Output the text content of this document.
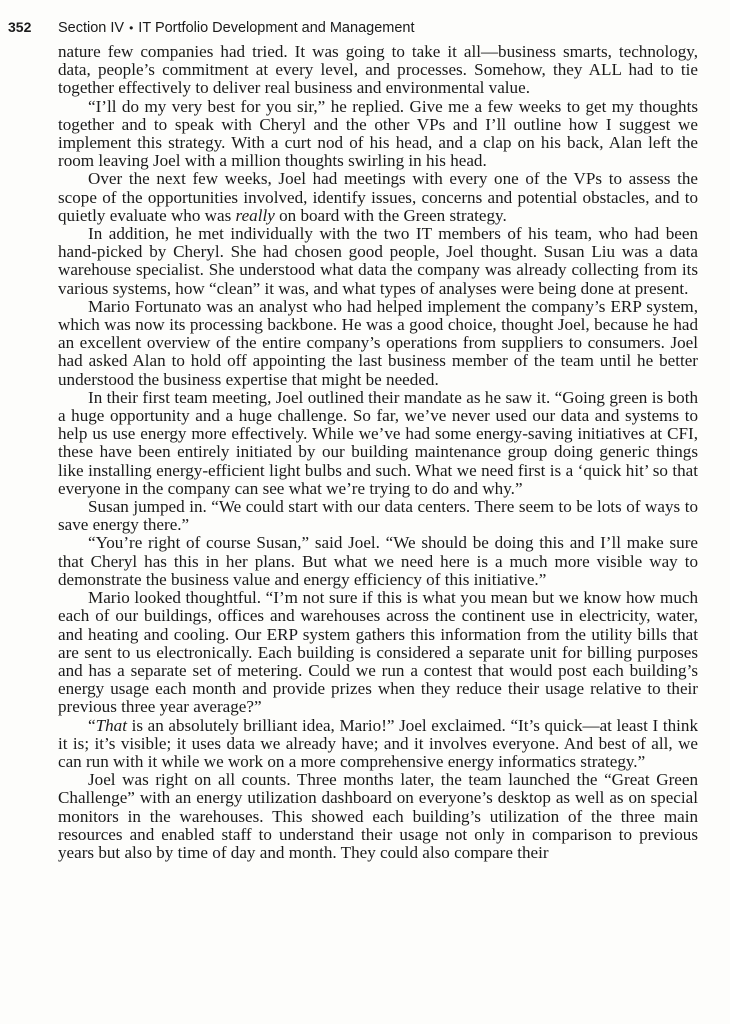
352 Section IV • IT Portfolio Development and Management

nature few companies had tried. It was going to take it all—business smarts, technology, data, people’s commitment at every level, and processes. Somehow, they ALL had to tie together effectively to deliver real business and environmental value.

“I’ll do my very best for you sir,” he replied. Give me a few weeks to get my thoughts together and to speak with Cheryl and the other VPs and I’ll outline how I suggest we implement this strategy. With a curt nod of his head, and a clap on his back, Alan left the room leaving Joel with a million thoughts swirling in his head.

Over the next few weeks, Joel had meetings with every one of the VPs to assess the scope of the opportunities involved, identify issues, concerns and potential obstacles, and to quietly evaluate who was really on board with the Green strategy.

In addition, he met individually with the two IT members of his team, who had been hand-picked by Cheryl. She had chosen good people, Joel thought. Susan Liu was a data warehouse specialist. She understood what data the company was already collecting from its various systems, how “clean” it was, and what types of analyses were being done at present.

Mario Fortunato was an analyst who had helped implement the company’s ERP system, which was now its processing backbone. He was a good choice, thought Joel, because he had an excellent overview of the entire company’s operations from suppliers to consumers. Joel had asked Alan to hold off appointing the last business member of the team until he better understood the business expertise that might be needed.

In their first team meeting, Joel outlined their mandate as he saw it. “Going green is both a huge opportunity and a huge challenge. So far, we’ve never used our data and systems to help us use energy more effectively. While we’ve had some energy-saving initiatives at CFI, these have been entirely initiated by our building maintenance group doing generic things like installing energy-efficient light bulbs and such. What we need first is a ‘quick hit’ so that everyone in the company can see what we’re trying to do and why.”

Susan jumped in. “We could start with our data centers. There seem to be lots of ways to save energy there.”

“You’re right of course Susan,” said Joel. “We should be doing this and I’ll make sure that Cheryl has this in her plans. But what we need here is a much more visible way to demonstrate the business value and energy efficiency of this initiative.”

Mario looked thoughtful. “I’m not sure if this is what you mean but we know how much each of our buildings, offices and warehouses across the continent use in electricity, water, and heating and cooling. Our ERP system gathers this information from the utility bills that are sent to us electronically. Each building is considered a separate unit for billing purposes and has a separate set of metering. Could we run a contest that would post each building’s energy usage each month and provide prizes when they reduce their usage relative to their previous three year average?”

“That is an absolutely brilliant idea, Mario!” Joel exclaimed. “It’s quick—at least I think it is; it’s visible; it uses data we already have; and it involves everyone. And best of all, we can run with it while we work on a more comprehensive energy informatics strategy.”

Joel was right on all counts. Three months later, the team launched the “Great Green Challenge” with an energy utilization dashboard on everyone’s desktop as well as on special monitors in the warehouses. This showed each building’s utilization of the three main resources and enabled staff to understand their usage not only in comparison to previous years but also by time of day and month. They could also compare their
